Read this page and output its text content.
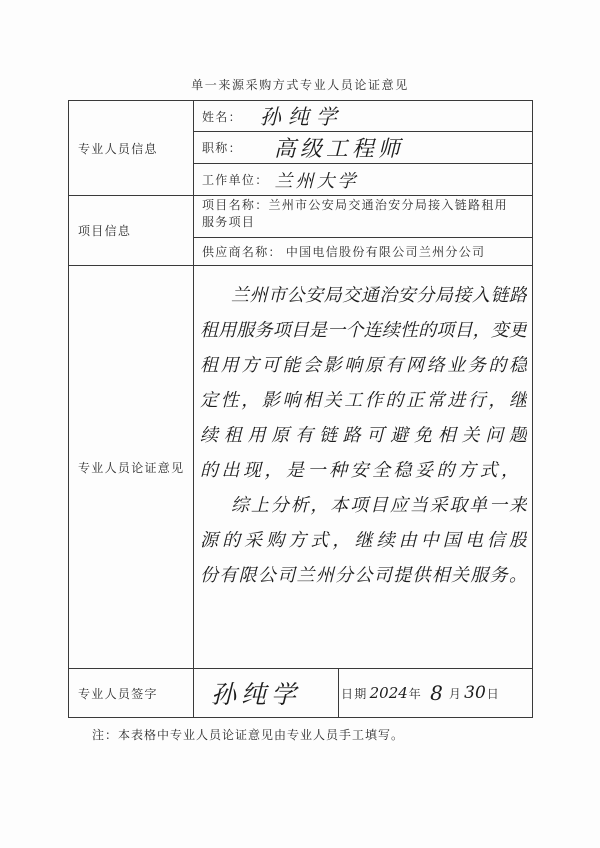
单一来源采购方式专业人员论证意见
专业人员信息
项目信息
专业人员论证意见
专业人员签字
姓名： 孙纯学
职称： 高级工程师
工作单位： 兰州大学
项目名称：兰州市公安局交通治安分局接入链路租用
服务项目
供应商名称： 中国电信股份有限公司兰州分公司
兰州市公安局交通治安分局接入链路
租用服务项目是一个连续性的项目，变更
租用方可能会影响原有网络业务的稳
定性，影响相关工作的正常进行，继
续租用原有链路可避免相关问题
的出现，是一种安全稳妥的方式，
综上分析，本项目应当采取单一来
源的采购方式，继续由中国电信股
份有限公司兰州分公司提供相关服务。
孙纯学	日期 2024 年 8 月 30 日
注：本表格中专业人员论证意见由专业人员手工填写。
